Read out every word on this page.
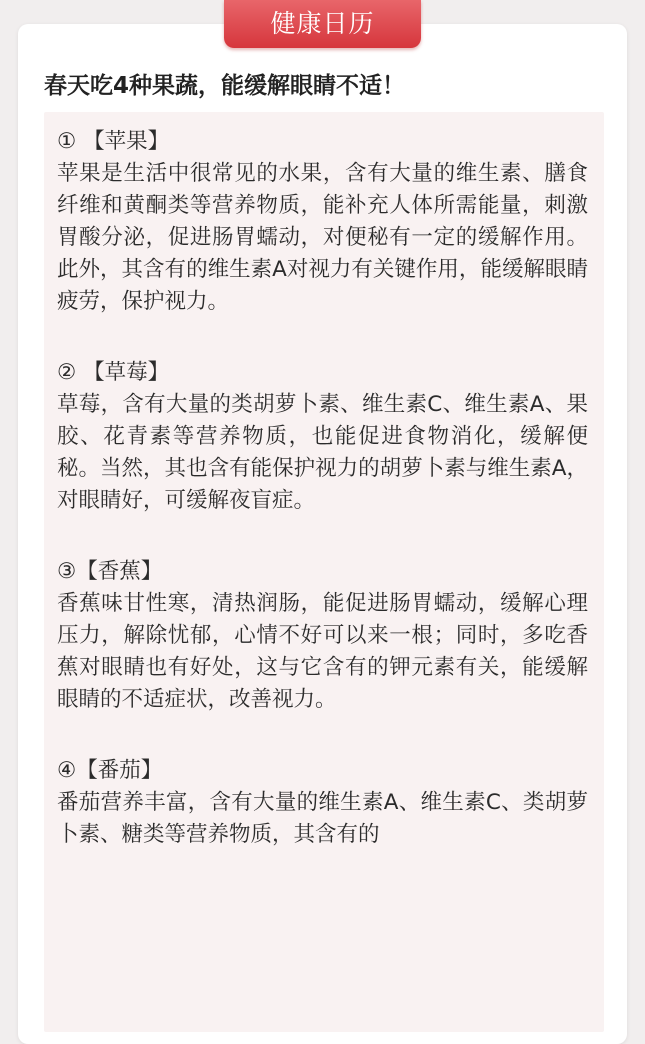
健康日历
春天吃4种果蔬，能缓解眼睛不适！

① 【苹果】

苹果是生活中很常见的水果，含有大量的维生素、膳食纤维和黄酮类等营养物质，能补充人体所需能量，刺激胃酸分泌，促进肠胃蠕动，对便秘有一定的缓解作用。此外，其含有的维生素A对视力有关键作用，能缓解眼睛疲劳，保护视力。

② 【草莓】

草莓，含有大量的类胡萝卜素、维生素C、维生素A、果胶、花青素等营养物质，也能促进食物消化，缓解便秘。当然，其也含有能保护视力的胡萝卜素与维生素A，对眼睛好，可缓解夜盲症。

③【香蕉】

香蕉味甘性寒，清热润肠，能促进肠胃蠕动，缓解心理压力，解除忧郁，心情不好可以来一根；同时，多吃香蕉对眼睛也有好处，这与它含有的钾元素有关，能缓解眼睛的不适症状，改善视力。

④【番茄】

番茄营养丰富，含有大量的维生素A、维生素C、类胡萝卜素、糖类等营养物质，其含有的
